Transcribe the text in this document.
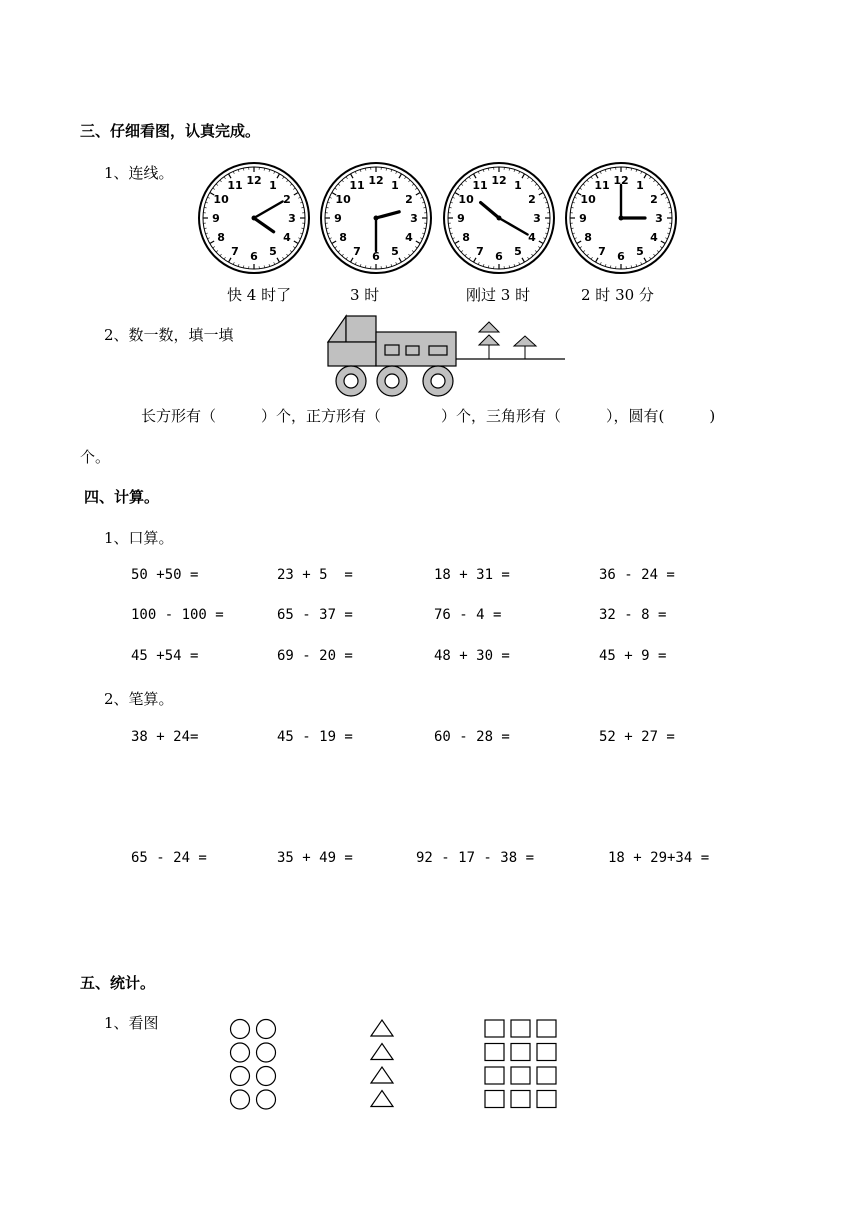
三、仔细看图，认真完成。
1、连线。	12 1
2
3
4
5
6
7
8
9
10
11	12 1
2
3
4
5
6
7
8
9
10
11	12 1
2
3
4
5
6
7
8
9
10
11	12 1
2
3
4
5
6
7
8
9
10
11
快 4 时了	3 时	刚过 3 时	2 时 30 分
2、数一数，填一填
长方形有（　　　）个，正方形有（　　　　）个，三角形有（　　　），圆有(　　　)
个。
四、计算。
1、口算。
50 +50 =	23 + 5  =	18 + 31 =	36 - 24 =
100 - 100 =	65 - 37 =	76 - 4 =	32 - 8 =
45 +54 =	69 - 20 =	48 + 30 =	45 + 9 =
2、笔算。
38 + 24=	45 - 19 =	60 - 28 =	52 + 27 =
65 - 24 =	35 + 49 =	92 - 17 - 38 =	18 + 29+34 =
五、统计。
1、看图
